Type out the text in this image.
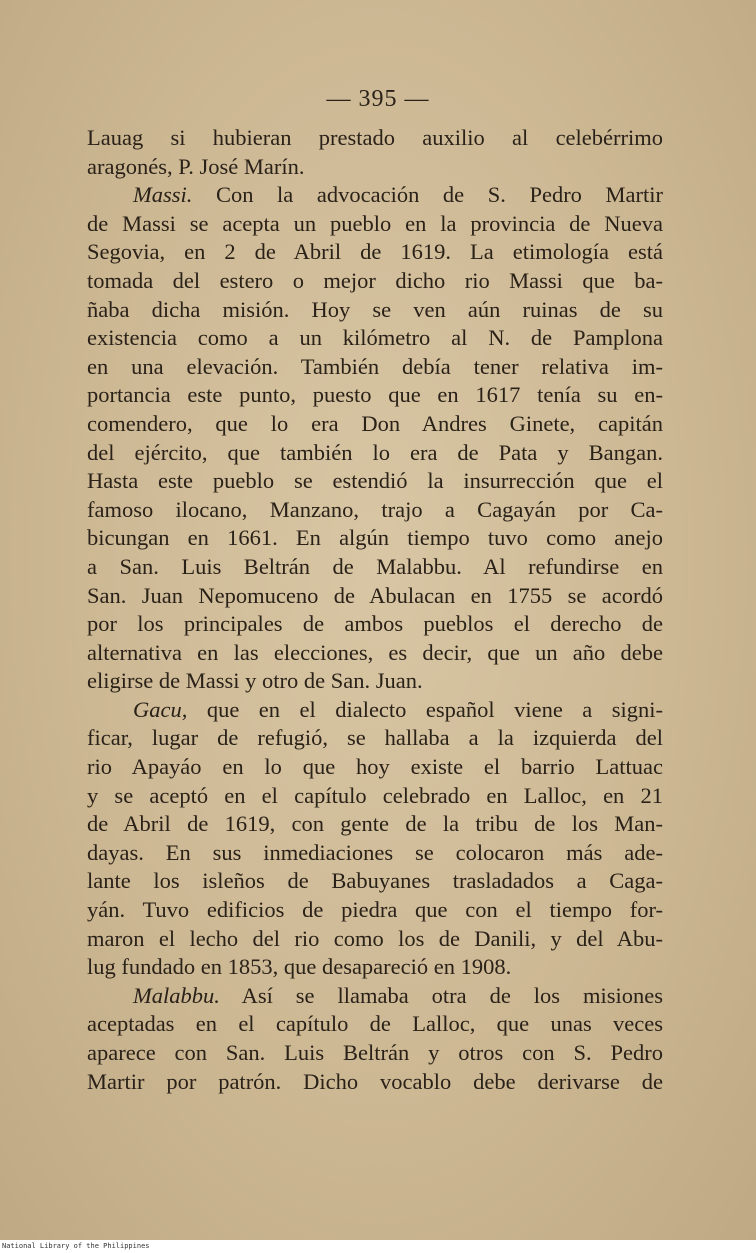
— 395 —
Lauag si hubieran prestado auxilio al celebérrimo
aragonés, P. José Marín.
Massi. Con la advocación de S. Pedro Martir
de Massi se acepta un pueblo en la provincia de Nueva
Segovia, en 2 de Abril de 1619. La etimología está
tomada del estero o mejor dicho rio Massi que ba-
ñaba dicha misión. Hoy se ven aún ruinas de su
existencia como a un kilómetro al N. de Pamplona
en una elevación. También debía tener relativa im-
portancia este punto, puesto que en 1617 tenía su en-
comendero, que lo era Don Andres Ginete, capitán
del ejército, que también lo era de Pata y Bangan.
Hasta este pueblo se estendió la insurrección que el
famoso ilocano, Manzano, trajo a Cagayán por Ca-
bicungan en 1661. En algún tiempo tuvo como anejo
a San. Luis Beltrán de Malabbu. Al refundirse en
San. Juan Nepomuceno de Abulacan en 1755 se acordó
por los principales de ambos pueblos el derecho de
alternativa en las elecciones, es decir, que un año debe
eligirse de Massi y otro de San. Juan.
Gacu, que en el dialecto español viene a signi-
ficar, lugar de refugió, se hallaba a la izquierda del
rio Apayáo en lo que hoy existe el barrio Lattuac
y se aceptó en el capítulo celebrado en Lalloc, en 21
de Abril de 1619, con gente de la tribu de los Man-
dayas. En sus inmediaciones se colocaron más ade-
lante los isleños de Babuyanes trasladados a Caga-
yán. Tuvo edificios de piedra que con el tiempo for-
maron el lecho del rio como los de Danili, y del Abu-
lug fundado en 1853, que desapareció en 1908.
Malabbu. Así se llamaba otra de los misiones
aceptadas en el capítulo de Lalloc, que unas veces
aparece con San. Luis Beltrán y otros con S. Pedro
Martir por patrón. Dicho vocablo debe derivarse de
National Library of the Philippines
